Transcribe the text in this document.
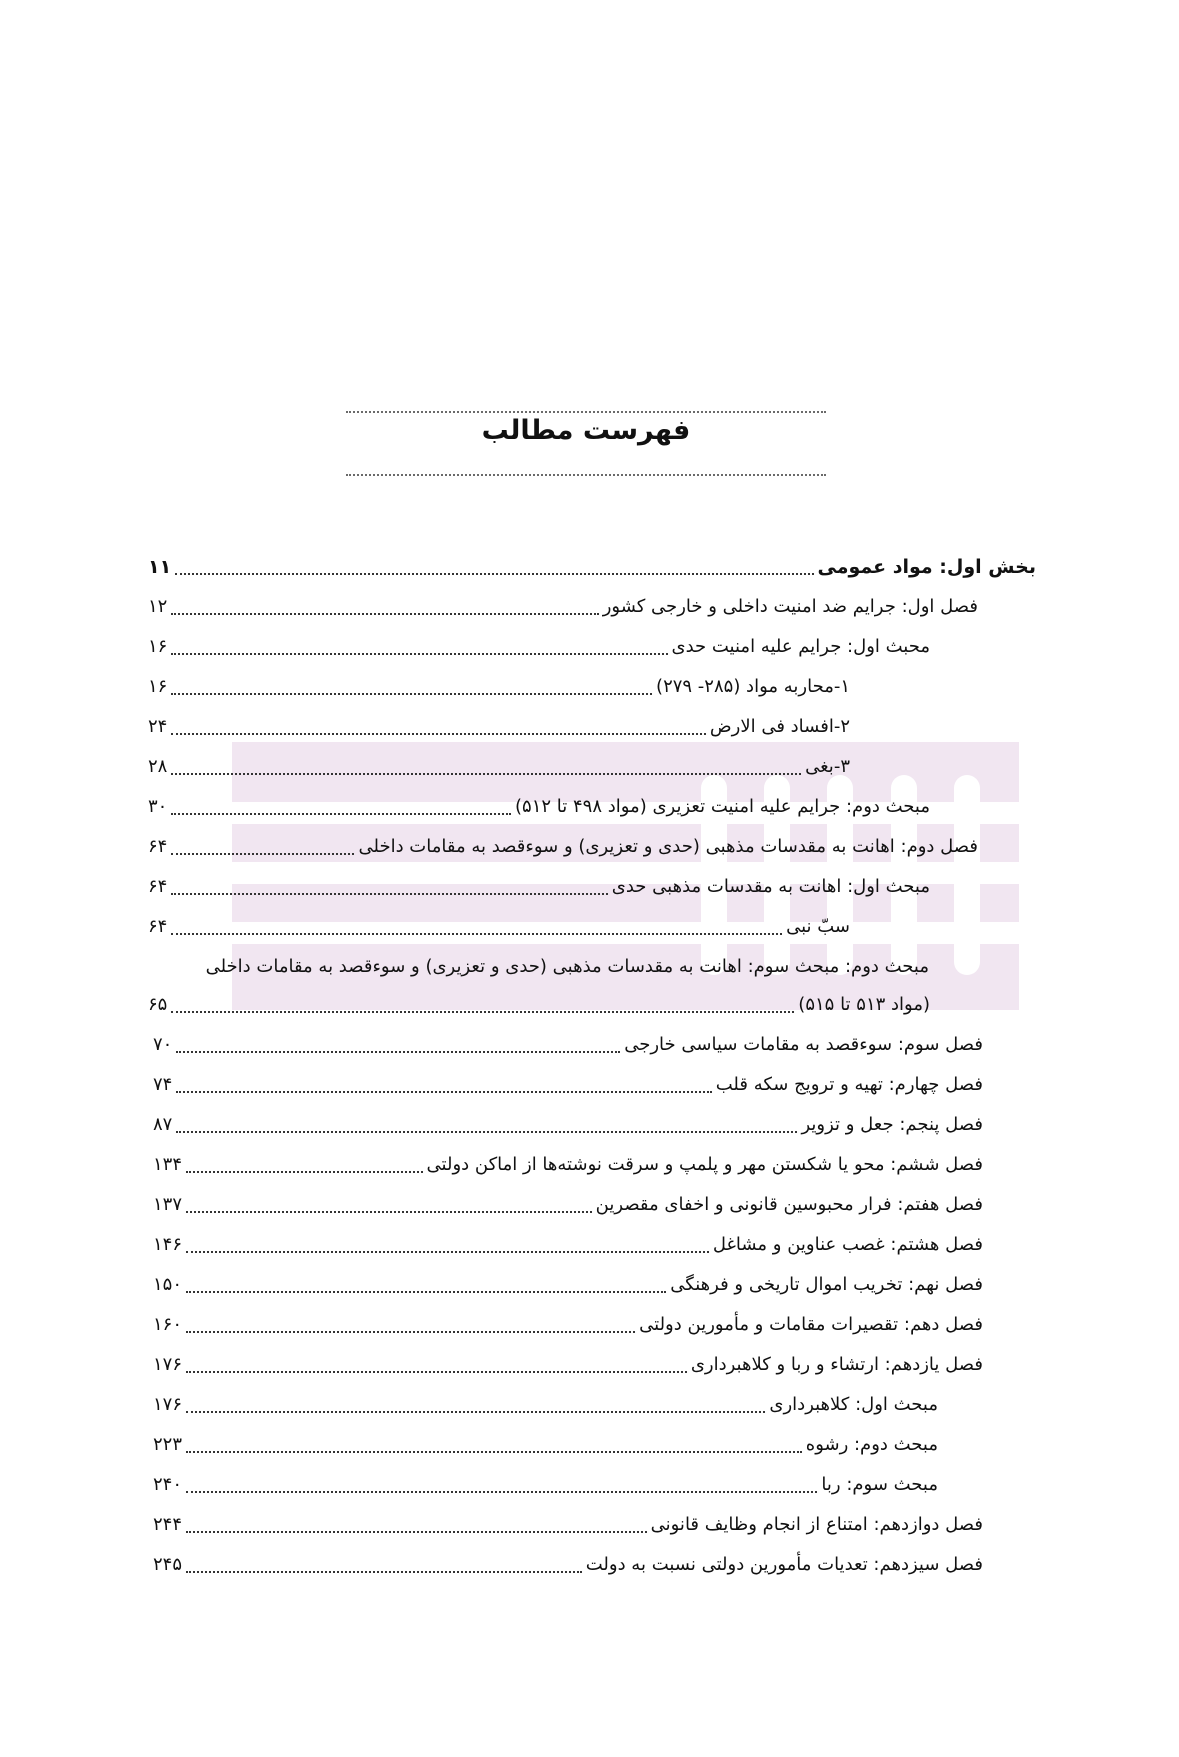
فهرست مطالب
بخش اول: مواد عمومی
۱۱
فصل اول: جرایم ضد امنیت داخلی و خارجی کشور
۱۲
محبث اول: جرایم علیه امنیت حدی
۱۶
۱-محاربه مواد (۲۸۵- ۲۷۹)
۱۶
۲-افساد فی الارض
۲۴
۳-بغی
۲۸
مبحث دوم: جرایم علیه امنیت تعزیری (مواد ۴۹۸ تا ۵۱۲)
۳۰
فصل دوم: اهانت به مقدسات مذهبی (حدی و تعزیری) و سوءقصد به مقامات داخلی
۶۴
مبحث اول: اهانت به مقدسات مذهبی حدی
۶۴
سبّ نبی
۶۴
مبحث دوم: مبحث سوم: اهانت به مقدسات مذهبی (حدی و تعزیری) و سوءقصد به مقامات داخلی
(مواد ۵۱۳ تا ۵۱۵)
۶۵
فصل سوم: سوءقصد به مقامات سیاسی خارجی
۷۰
فصل چهارم: تهیه و ترویج سکه قلب
۷۴
فصل پنجم: جعل و تزویر
۸۷
فصل ششم: محو یا شکستن مهر و پلمپ و سرقت نوشته‌ها از اماکن دولتی
۱۳۴
فصل هفتم: فرار محبوسین قانونی و اخفای مقصرین
۱۳۷
فصل هشتم: غصب عناوین و مشاغل
۱۴۶
فصل نهم: تخریب اموال تاریخی و فرهنگی
۱۵۰
فصل دهم: تقصیرات مقامات و مأمورین دولتی
۱۶۰
فصل یازدهم: ارتشاء و ربا و کلاهبرداری
۱۷۶
مبحث اول: کلاهبرداری
۱۷۶
مبحث دوم: رشوه
۲۲۳
مبحث سوم: ربا
۲۴۰
فصل دوازدهم: امتناع از انجام وظایف قانونی
۲۴۴
فصل سیزدهم: تعدیات مأمورین دولتی نسبت به دولت
۲۴۵
